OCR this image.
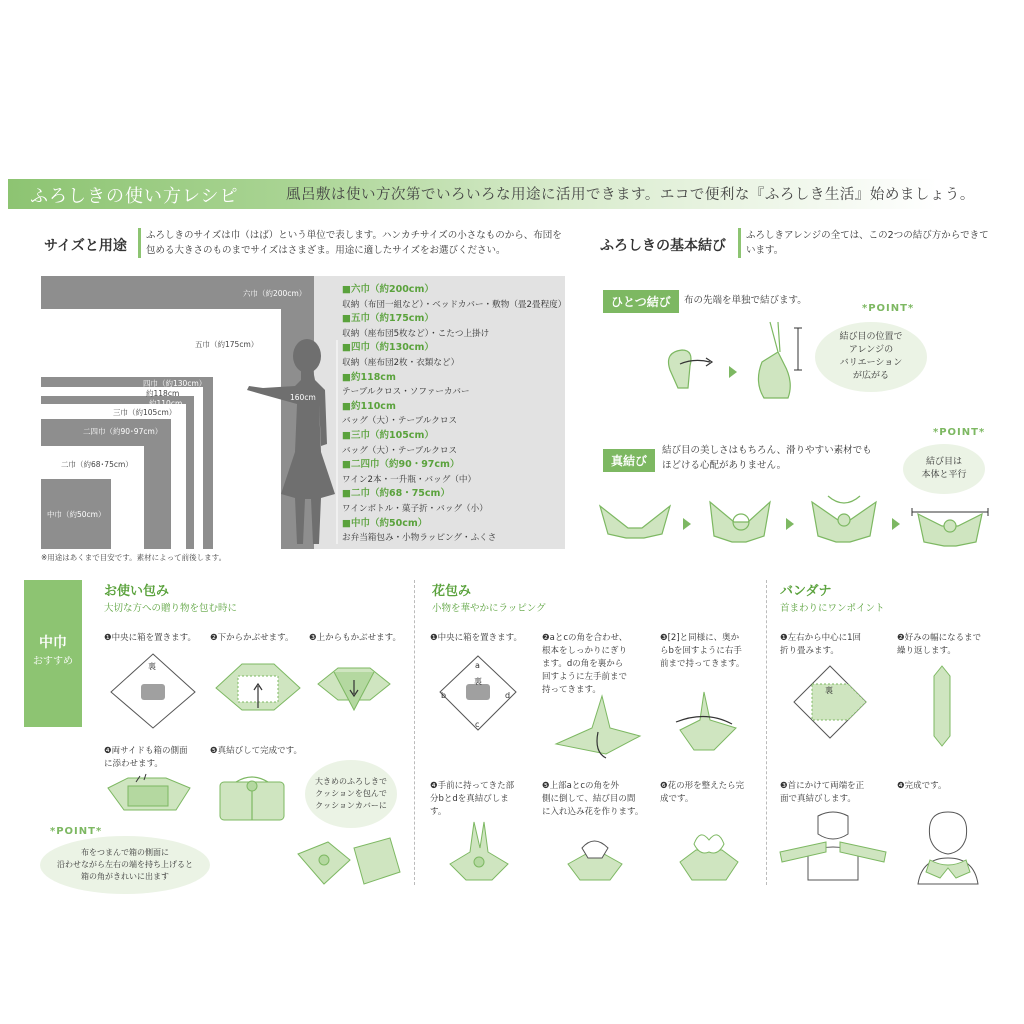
ふろしきの使い方レシピ	風呂敷は使い方次第でいろいろな用途に活用できます。エコで便利な『ふろしき生活』始めましょう。
サイズと用途
ふろしきのサイズは巾（はば）という単位で表します。ハンカチサイズの小さなものから、布団を
包める大きさのものまでサイズはさまざま。用途に適したサイズをお選びください。
六巾（約200cm）
五巾（約175cm）
四巾（約130cm）
約118cm
約110cm
三巾（約105cm）
二四巾（約90･97cm）
二巾（約68･75cm）
中巾（約50cm）
160cm
■六巾（約200cm）
収納（布団一組など）・ベッドカバー・敷物（畳2畳程度）
■五巾（約175cm）
収納（座布団5枚など）・こたつ上掛け
■四巾（約130cm）
収納（座布団2枚・衣類など）
■約118cm
テーブルクロス・ソファーカバー
■約110cm
バッグ（大）・テーブルクロス
■三巾（約105cm）
バッグ（大）・テーブルクロス
■二四巾（約90・97cm）
ワイン2本・一升瓶・バッグ（中）
■二巾（約68・75cm）
ワインボトル・菓子折・バッグ（小）
■中巾（約50cm）
お弁当箱包み・小物ラッピング・ふくさ
※用途はあくまで目安です。素材によって前後します。
ふろしきの基本結び
ふろしきアレンジの全ては、この2つの結び方からできて
います。
ひとつ結び	布の先端を単独で結びます。
*POINT*
結び目の位置で
アレンジの
バリエーション
が広がる
真結び
結び目の美しさはもちろん、滑りやすい素材でも
ほどける心配がありません。
*POINT*
結び目は
本体と平行
中巾
おすすめ
お使い包み
大切な方への贈り物を包む時に
❶中央に箱を置きます。 ❷下からかぶせます。 ❸上からもかぶせます。
裏
❹両サイドも箱の側面
に添わせます。
❺真結びして完成です。
*POINT*
布をつまんで箱の側面に
沿わせながら左右の端を持ち上げると
箱の角がきれいに出ます
大きめのふろしきで
クッションを包んで
クッションカバーに
花包み
小物を華やかにラッピング
❶中央に箱を置きます。 ❷aとcの角を合わせ、
根本をしっかりにぎり
ます。dの角を裏から
回すように左手前まで
持ってきます。
❸[2]と同様に、奥か
らbを回すように右手
前まで持ってきます。
a
裏
b	d
c
❹手前に持ってきた部
分bとdを真結びしま
す。
❺上部aとcの角を外
側に倒して、結び目の間
に入れ込み花を作ります。
❻花の形を整えたら完
成です。
バンダナ
首まわりにワンポイント
❶左右から中心に1回
折り畳みます。
❷好みの幅になるまで
繰り返します。
裏
❸首にかけて両端を正
面で真結びします。
❹完成です。
